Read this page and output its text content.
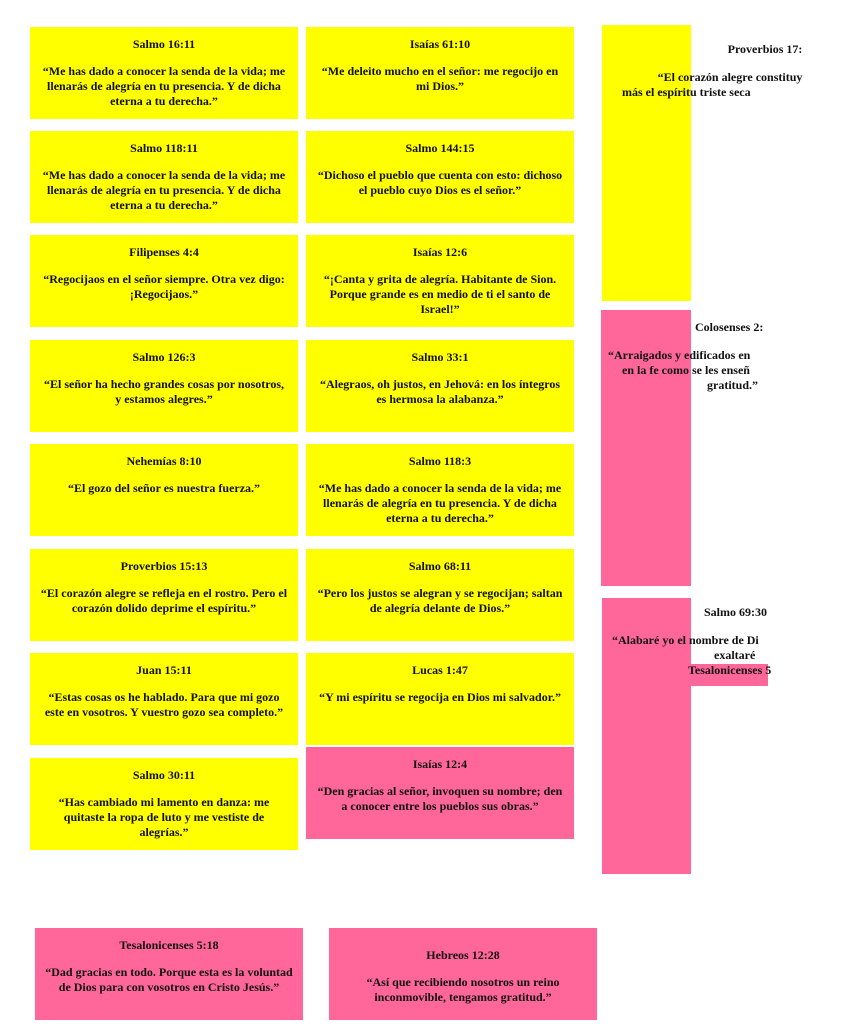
Salmo 16:11
“Me has dado a conocer la senda de la vida; me llenarás de alegría en tu presencia. Y de dicha eterna a tu derecha.”
Salmo 118:11
“Me has dado a conocer la senda de la vida; me llenarás de alegría en tu presencia. Y de dicha eterna a tu derecha.”
Filipenses 4:4
“Regocijaos en el señor siempre. Otra vez digo: ¡Regocijaos.”
Salmo 126:3
“El señor ha hecho grandes cosas por nosotros, y estamos alegres.”
Nehemías 8:10
“El gozo del señor es nuestra fuerza.”
Proverbios 15:13
“El corazón alegre se refleja en el rostro. Pero el corazón dolido deprime el espíritu.”
Juan 15:11
“Estas cosas os he hablado. Para que mi gozo este en vosotros. Y vuestro gozo sea completo.”
Salmo 30:11
“Has cambiado mi lamento en danza: me quitaste la ropa de luto y me vestiste de alegrías.”
Isaías 61:10
“Me deleito mucho en el señor: me regocijo en mi Dios.”
Salmo 144:15
“Dichoso el pueblo que cuenta con esto: dichoso el pueblo cuyo Dios es el señor.”
Isaías 12:6
“¡Canta y grita de alegría. Habitante de Sion. Porque grande es en medio de ti el santo de Israel!”
Salmo 33:1
“Alegraos, oh justos, en Jehová: en los íntegros es hermosa la alabanza.”
Salmo 118:3
“Me has dado a conocer la senda de la vida; me llenarás de alegría en tu presencia. Y de dicha eterna a tu derecha.”
Salmo 68:11
“Pero los justos se alegran y se regocijan; saltan de alegría delante de Dios.”
Lucas 1:47
“Y mi espíritu se regocija en Dios mi salvador.”
Isaías 12:4
“Den gracias al señor, invoquen su nombre; den a conocer entre los pueblos sus obras.”
Proverbios 17:
“El corazón alegre constituy
más el espíritu triste seca
Colosenses 2:
“Arraigados y edificados en
en la fe como se les enseñ
gratitud.”
Salmo 69:30
“Alabaré yo el nombre de Di
exaltaré
Tesalonicenses 5
Tesalonicenses 5:18
“Dad gracias en todo. Porque esta es la voluntad de Dios para con vosotros en Cristo Jesús.”
Hebreos 12:28
“Así que recibiendo nosotros un reino inconmovible, tengamos gratitud.”
